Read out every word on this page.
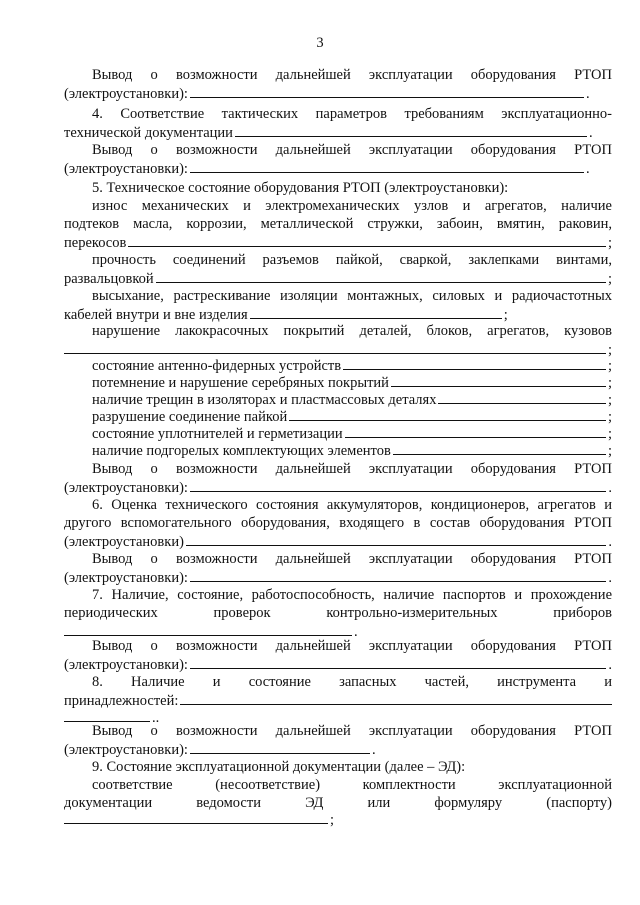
3
Вывод о возможности дальнейшей эксплуатации оборудования РТОП
(электроустановки):	.
4. Соответствие тактических параметров требованиям эксплуатационно-
технической документации	.
Вывод о возможности дальнейшей эксплуатации оборудования РТОП
(электроустановки):	.
5. Техническое состояние оборудования РТОП (электроустановки):
износ механических и электромеханических узлов и агрегатов, наличие
подтеков масла, коррозии, металлической стружки, забоин, вмятин, раковин,
перекосов	;
прочность соединений разъемов пайкой, сваркой, заклепками винтами,
развальцовкой	;
высыхание, растрескивание изоляции монтажных, силовых и радиочастотных
кабелей внутри и вне изделия	;
нарушение лакокрасочных покрытий деталей, блоков, агрегатов, кузовов
;
состояние антенно-фидерных устройств	;
потемнение и нарушение серебряных покрытий	;
наличие трещин в изоляторах и пластмассовых деталях	;
разрушение соединение пайкой	;
состояние уплотнителей и герметизации	;
наличие подгорелых комплектующих элементов	;
Вывод о возможности дальнейшей эксплуатации оборудования РТОП
(электроустановки):	.
6. Оценка технического состояния аккумуляторов, кондиционеров, агрегатов и
другого вспомогательного оборудования, входящего в состав оборудования РТОП
(электроустановки)	.
Вывод о возможности дальнейшей эксплуатации оборудования РТОП
(электроустановки):	.
7. Наличие, состояние, работоспособность, наличие паспортов и прохождение
периодических проверок контрольно-измерительных приборов
.
Вывод о возможности дальнейшей эксплуатации оборудования РТОП
(электроустановки):	.
8. Наличие и состояние запасных частей, инструмента и
принадлежностей:
..
Вывод о возможности дальнейшей эксплуатации оборудования РТОП
(электроустановки):	.
9. Состояние эксплуатационной документации (далее – ЭД):
соответствие (несоответствие) комплектности эксплуатационной
документации ведомости ЭД или формуляру (паспорту)
;
